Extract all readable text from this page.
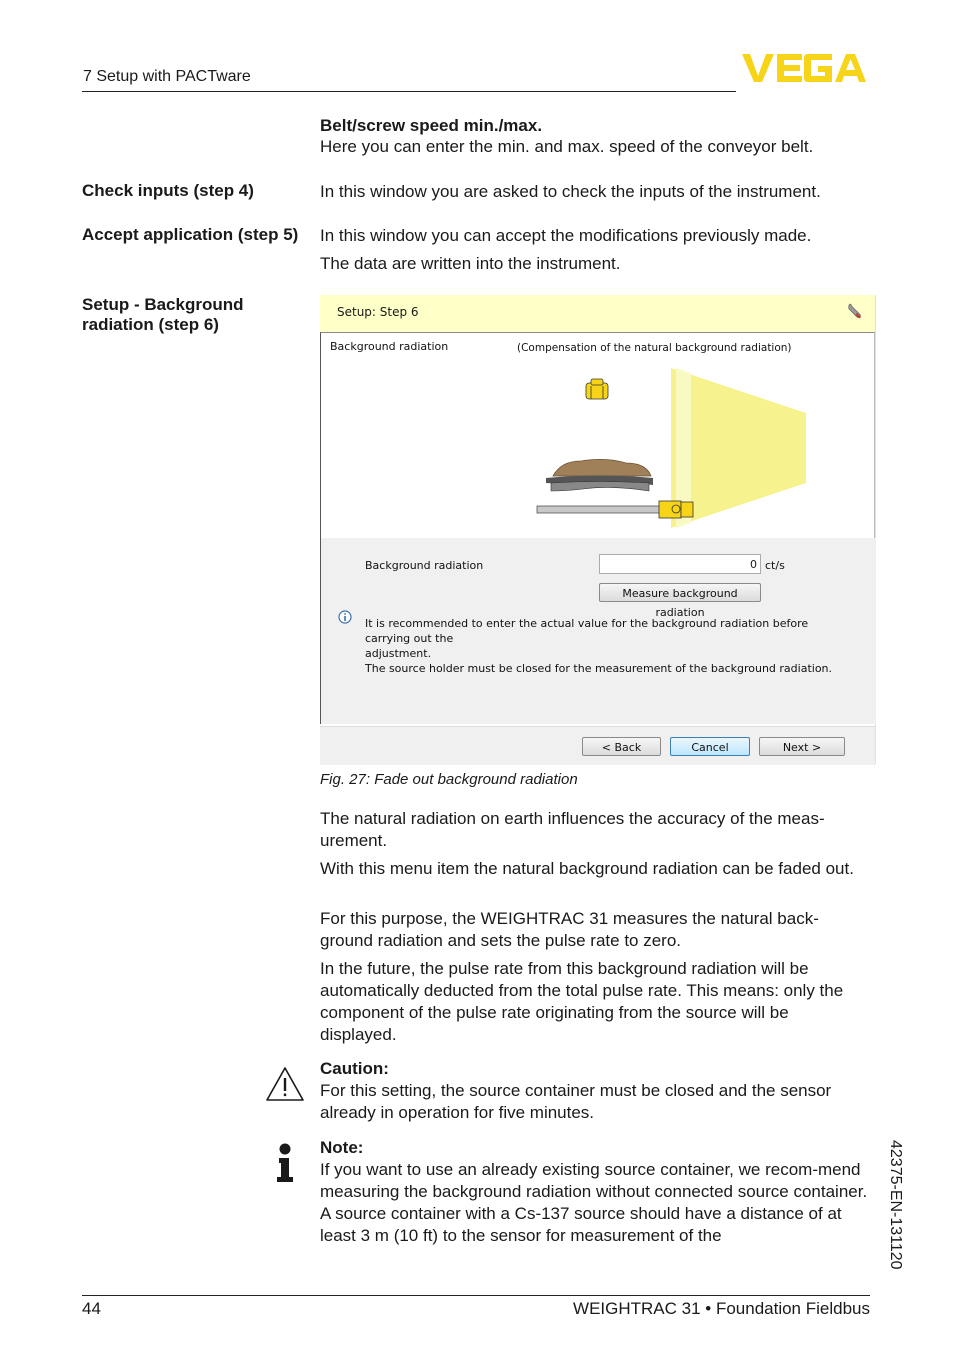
7 Setup with PACTware
Belt/screw speed min./max.
Here you can enter the min. and max. speed of the conveyor belt.
Check inputs (step 4)	In this window you are asked to check the inputs of the instrument.
Accept application (step 5) In this window you can accept the modifications previously made.
The data are written into the instrument.
Setup - Background radiation (step 6)
Setup: Step 6
Background radiation	(Compensation of the natural background radiation)
Background radiation	0 ct/s
Measure background radiation
It is recommended to enter the actual value for the background radiation before carrying out the
adjustment.
The source holder must be closed for the measurement of the background radiation.
< Back	Cancel	Next >
Fig. 27: Fade out background radiation
The natural radiation on earth influences the accuracy of the meas-urement.
With this menu item the natural background radiation can be faded out.
For this purpose, the WEIGHTRAC 31 measures the natural back-ground radiation and sets the pulse rate to zero.
In the future, the pulse rate from this background radiation will be automatically deducted from the total pulse rate. This means: only the component of the pulse rate originating from the source will be displayed.
Caution:
For this setting, the source container must be closed and the sensor already in operation for five minutes.
Note:
If you want to use an already existing source container, we recom-mend measuring the background radiation without connected source container. A source container with a Cs-137 source should have a distance of at least 3 m (10 ft) to the sensor for measurement of the	42375-EN-131120
44	WEIGHTRAC 31 • Foundation Fieldbus
